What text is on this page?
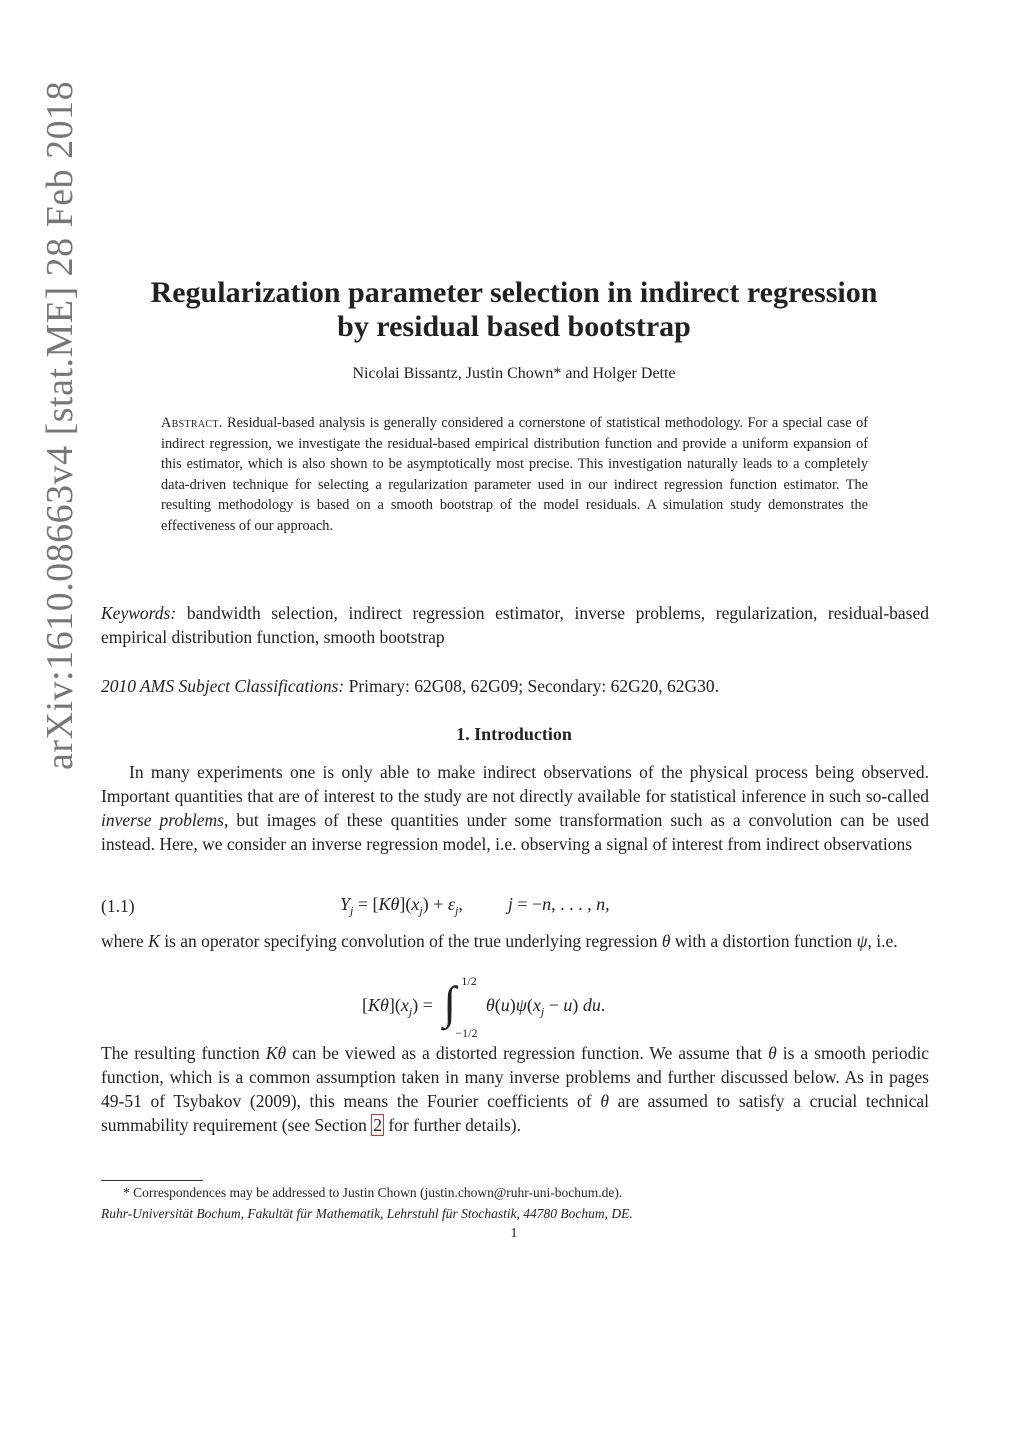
arXiv:1610.08663v4 [stat.ME] 28 Feb 2018	Regularization parameter selection in indirect regression
by residual based bootstrap
Nicolai Bissantz, Justin Chown* and Holger Dette
Abstract. Residual-based analysis is generally considered a cornerstone of statistical methodology. For a special case of indirect regression, we investigate the residual-based empirical distribution function and provide a uniform expansion of this estimator, which is also shown to be asymptotically most precise. This investigation naturally leads to a completely data-driven technique for selecting a regularization parameter used in our indirect regression function estimator. The resulting methodology is based on a smooth bootstrap of the model residuals. A simulation study demonstrates the effectiveness of our approach.
Keywords: bandwidth selection, indirect regression estimator, inverse problems, regularization, residual-based empirical distribution function, smooth bootstrap
2010 AMS Subject Classifications: Primary: 62G08, 62G09; Secondary: 62G20, 62G30.
1. Introduction
In many experiments one is only able to make indirect observations of the physical process being observed. Important quantities that are of interest to the study are not directly available for statistical inference in such so-called inverse problems, but images of these quantities under some transformation such as a convolution can be used instead. Here, we consider an inverse regression model, i.e. observing a signal of interest from indirect observations
(1.1)	$Y_j = [K\theta](x_j) + \varepsilon_j$,  j = −n, . . . , n,
where K is an operator specifying convolution of the true underlying regression θ with a distortion function ψ, i.e.
$[K\theta](x_j)$ = ∫ 1/2
−1/2
$\theta(u)\psi(x_j - u)$ du.
The resulting function Kθ can be viewed as a distorted regression function. We assume that θ is a smooth periodic function, which is a common assumption taken in many inverse problems and further discussed below. As in pages 49-51 of Tsybakov (2009), this means the Fourier coefficients of θ are assumed to satisfy a crucial technical summability requirement (see Section 2 for further details).
* Correspondences may be addressed to Justin Chown (justin.chown@ruhr-uni-bochum.de).
Ruhr-Universität Bochum, Fakultät für Mathematik, Lehrstuhl für Stochastik, 44780 Bochum, DE.
1
